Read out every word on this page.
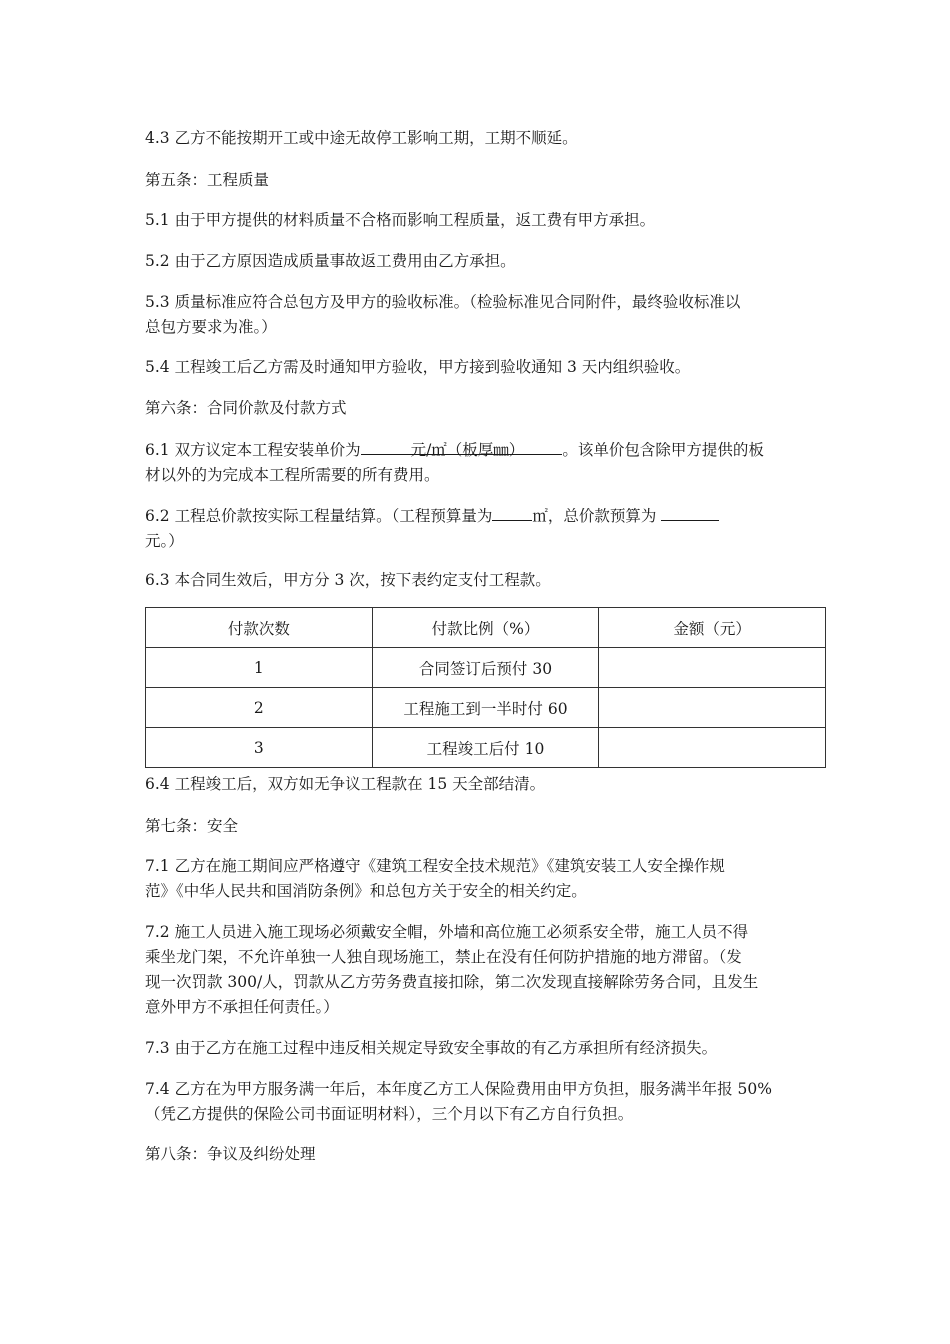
4.3 乙方不能按期开工或中途无故停工影响工期，工期不顺延。
第五条：工程质量
5.1 由于甲方提供的材料质量不合格而影响工程质量，返工费有甲方承担。
5.2 由于乙方原因造成质量事故返工费用由乙方承担。
5.3 质量标准应符合总包方及甲方的验收标准。（检验标准见合同附件，最终验收标准以
总包方要求为准。）
5.4 工程竣工后乙方需及时通知甲方验收，甲方接到验收通知 3 天内组织验收。
第六条：合同价款及付款方式
6.1 双方议定本工程安装单价为	元/㎡（板厚㎜） 。该单价包含除甲方提供的板
材以外的为完成本工程所需要的所有费用。
6.2 工程总价款按实际工程量结算。（工程预算量为	㎡，总价款预算为
元。）
6.3 本合同生效后，甲方分 3 次，按下表约定支付工程款。
付款次数	付款比例（%）	金额（元）
1	合同签订后预付 30	
2	工程施工到一半时付 60	
3	工程竣工后付 10	
6.4 工程竣工后，双方如无争议工程款在 15 天全部结清。
第七条：安全
7.1 乙方在施工期间应严格遵守《建筑工程安全技术规范》《建筑安装工人安全操作规
范》《中华人民共和国消防条例》和总包方关于安全的相关约定。
7.2 施工人员进入施工现场必须戴安全帽，外墙和高位施工必须系安全带，施工人员不得
乘坐龙门架，不允许单独一人独自现场施工，禁止在没有任何防护措施的地方滞留。（发
现一次罚款 300/人，罚款从乙方劳务费直接扣除，第二次发现直接解除劳务合同，且发生
意外甲方不承担任何责任。）
7.3 由于乙方在施工过程中违反相关规定导致安全事故的有乙方承担所有经济损失。
7.4 乙方在为甲方服务满一年后，本年度乙方工人保险费用由甲方负担，服务满半年报 50%
（凭乙方提供的保险公司书面证明材料），三个月以下有乙方自行负担。
第八条：争议及纠纷处理
